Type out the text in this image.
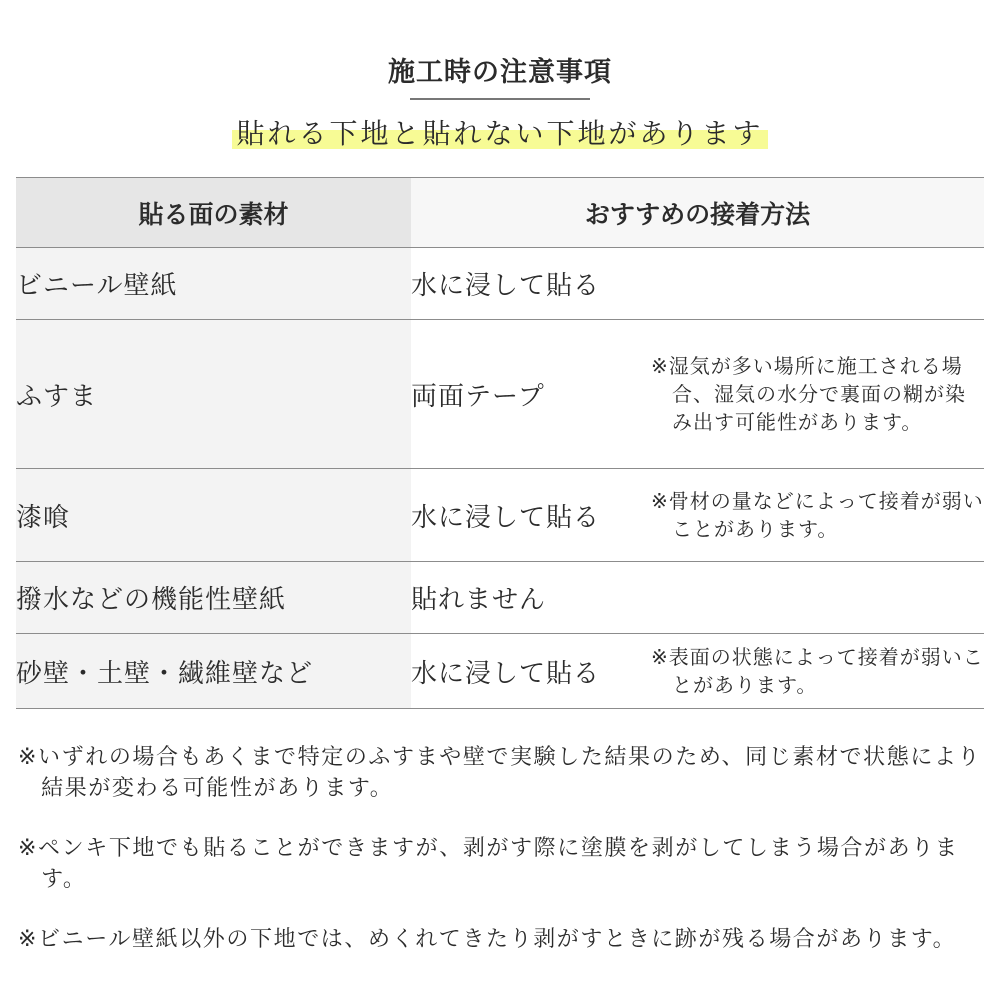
施工時の注意事項
貼れる下地と貼れない下地があります
貼る面の素材	おすすめの接着方法
ビニール壁紙	水に浸して貼る

ふすま	両面テープ
※湿気が多い場所に施工される場合、湿気の水分で裏面の糊が染み出す可能性があります。

漆喰	水に浸して貼る
※骨材の量などによって接着が弱いことがあります。

撥水などの機能性壁紙	貼れません

砂壁・土壁・繊維壁など	水に浸して貼る
※表面の状態によって接着が弱いことがあります。
※いずれの場合もあくまで特定のふすまや壁で実験した結果のため、同じ素材で状態により結果が変わる可能性があります。
※ペンキ下地でも貼ることができますが、剥がす際に塗膜を剥がしてしまう場合があります。
※ビニール壁紙以外の下地では、めくれてきたり剥がすときに跡が残る場合があります。
